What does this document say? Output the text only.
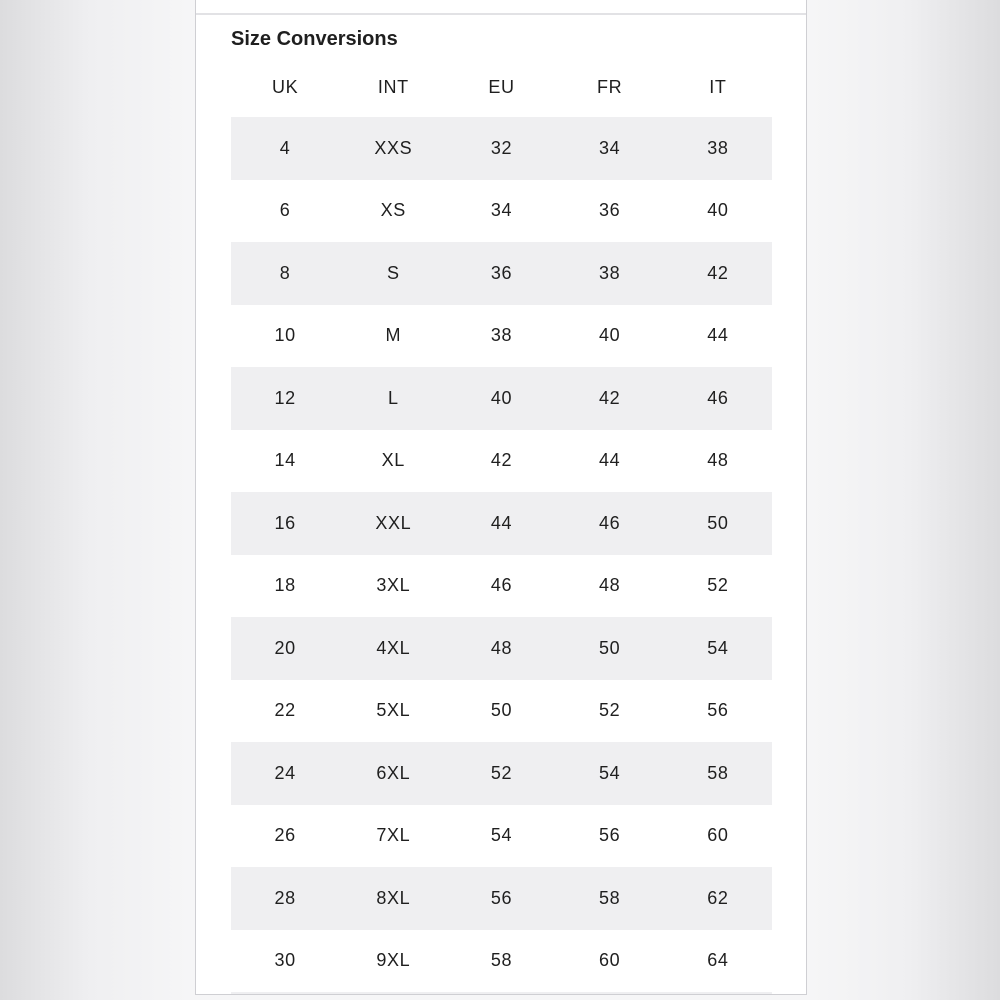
Size Conversions
UK	INT	EU	FR	IT
4	XXS	32	34	38
6	XS	34	36	40
8	S	36	38	42
10	M	38	40	44
12	L	40	42	46
14	XL	42	44	48
16	XXL	44	46	50
18	3XL	46	48	52
20	4XL	48	50	54
22	5XL	50	52	56
24	6XL	52	54	58
26	7XL	54	56	60
28	8XL	56	58	62
30	9XL	58	60	64
